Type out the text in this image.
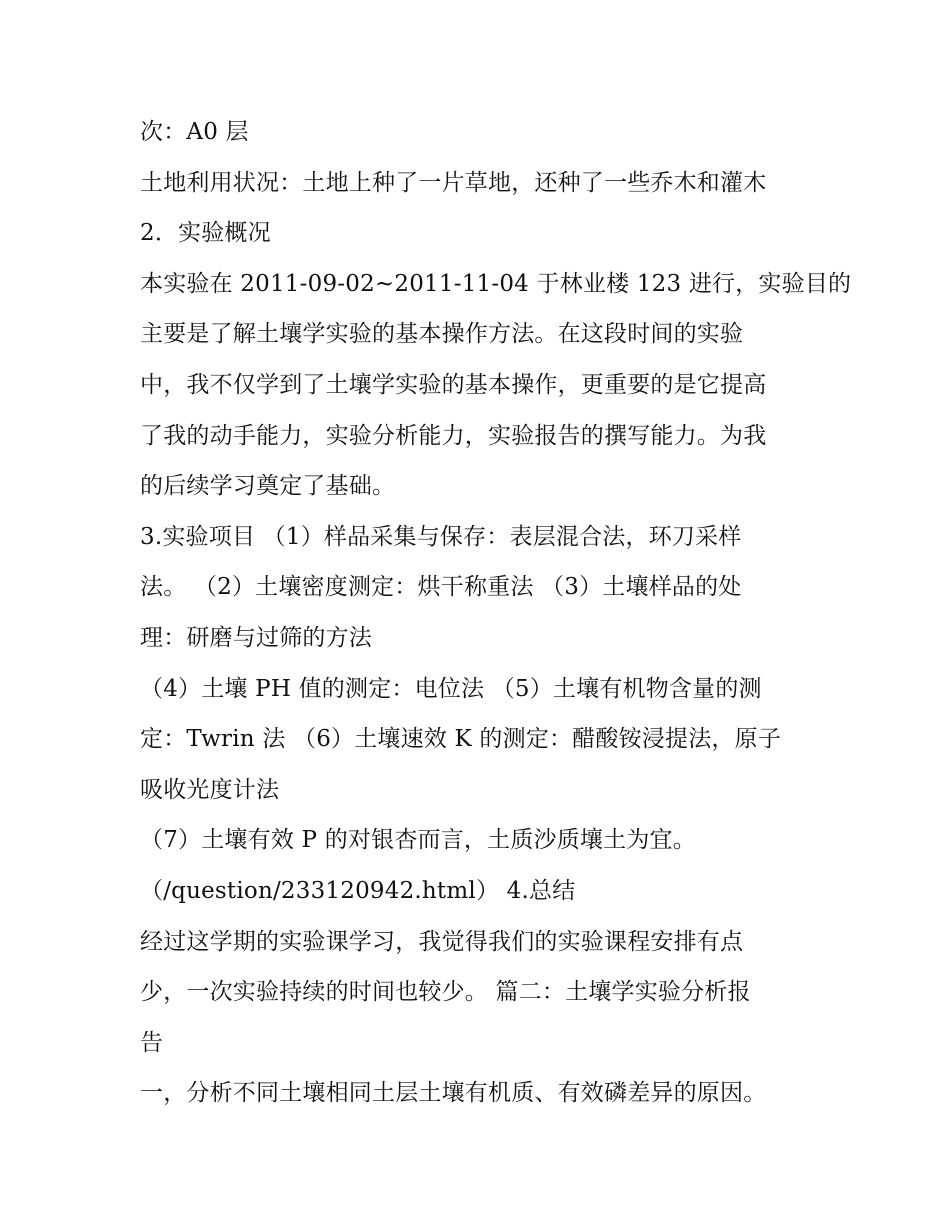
次：A0 层
土地利用状况：土地上种了一片草地，还种了一些乔木和灌木
2．实验概况
本实验在 2011-09-02~2011-11-04 于林业楼 123 进行，实验目的
主要是了解土壤学实验的基本操作方法。在这段时间的实验
中，我不仅学到了土壤学实验的基本操作，更重要的是它提高
了我的动手能力，实验分析能力，实验报告的撰写能力。为我
的后续学习奠定了基础。
3.实验项目 （1）样品采集与保存：表层混合法，环刀采样
法。 （2）土壤密度测定：烘干称重法 （3）土壤样品的处
理：研磨与过筛的方法
（4）土壤 PH 值的测定：电位法 （5）土壤有机物含量的测
定：Twrin 法 （6）土壤速效 K 的测定：醋酸铵浸提法，原子
吸收光度计法
（7）土壤有效 P 的对银杏而言，土质沙质壤土为宜。
（/question/233120942.html） 4.总结
经过这学期的实验课学习，我觉得我们的实验课程安排有点
少，一次实验持续的时间也较少。 篇二：土壤学实验分析报
告
一，分析不同土壤相同土层土壤有机质、有效磷差异的原因。
